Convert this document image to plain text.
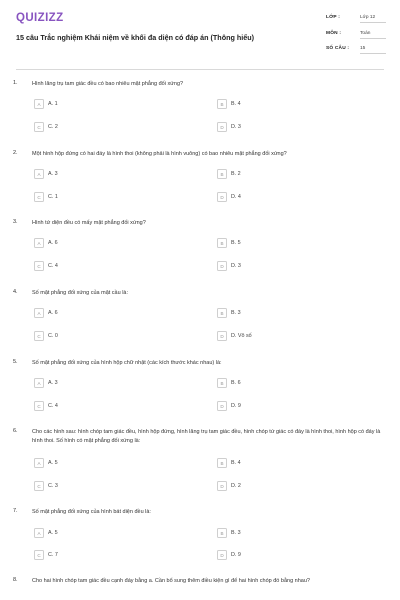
QUIZIZZ
15 câu Trắc nghiệm Khái niệm về khối đa diện có đáp án (Thông hiểu)
LỚP :	Lớp 12
MÔN :	Toán
SỐ CÂU : 15
1.	Hình lăng trụ tam giác đều có bao nhiêu mặt phẳng đối xứng?
A	A. 1	B	B. 4
C	C. 2	D	D. 3
2.	Một hình hộp đứng có hai đáy là hình thoi (không phải là hình vuông) có bao nhiêu mặt phẳng đối xứng?
A	A. 3	B	B. 2
C	C. 1	D	D. 4
3.	Hình tứ diện đều có mấy mặt phẳng đối xứng?
A	A. 6	B	B. 5
C	C. 4	D	D. 3
4.	Số mặt phẳng đối xứng của mặt cầu là:
A	A. 6	B	B. 3
C	C. 0	D	D. Vô số
5.	Số mặt phẳng đối xứng của hình hộp chữ nhật (các kích thước khác nhau) là:
A	A. 3	B	B. 6
C	C. 4	D	D. 9
6.	Cho các hình sau: hình chóp tam giác đều, hình hộp đứng, hình lăng trụ tam giác đều, hình chóp tứ giác có đáy là hình thoi, hình hộp có đáy là hình thoi. Số hình có mặt phẳng đối xứng là:
A	A. 5	B	B. 4
C	C. 3	D	D. 2
7.	Số mặt phẳng đối xứng của hình bát diện đều là:
A	A. 5	B	B. 3
C	C. 7	D	D. 9
8.	Cho hai hình chóp tam giác đều cạnh đáy bằng a. Cần bổ sung thêm điều kiện gì để hai hình chóp đó bằng nhau?
